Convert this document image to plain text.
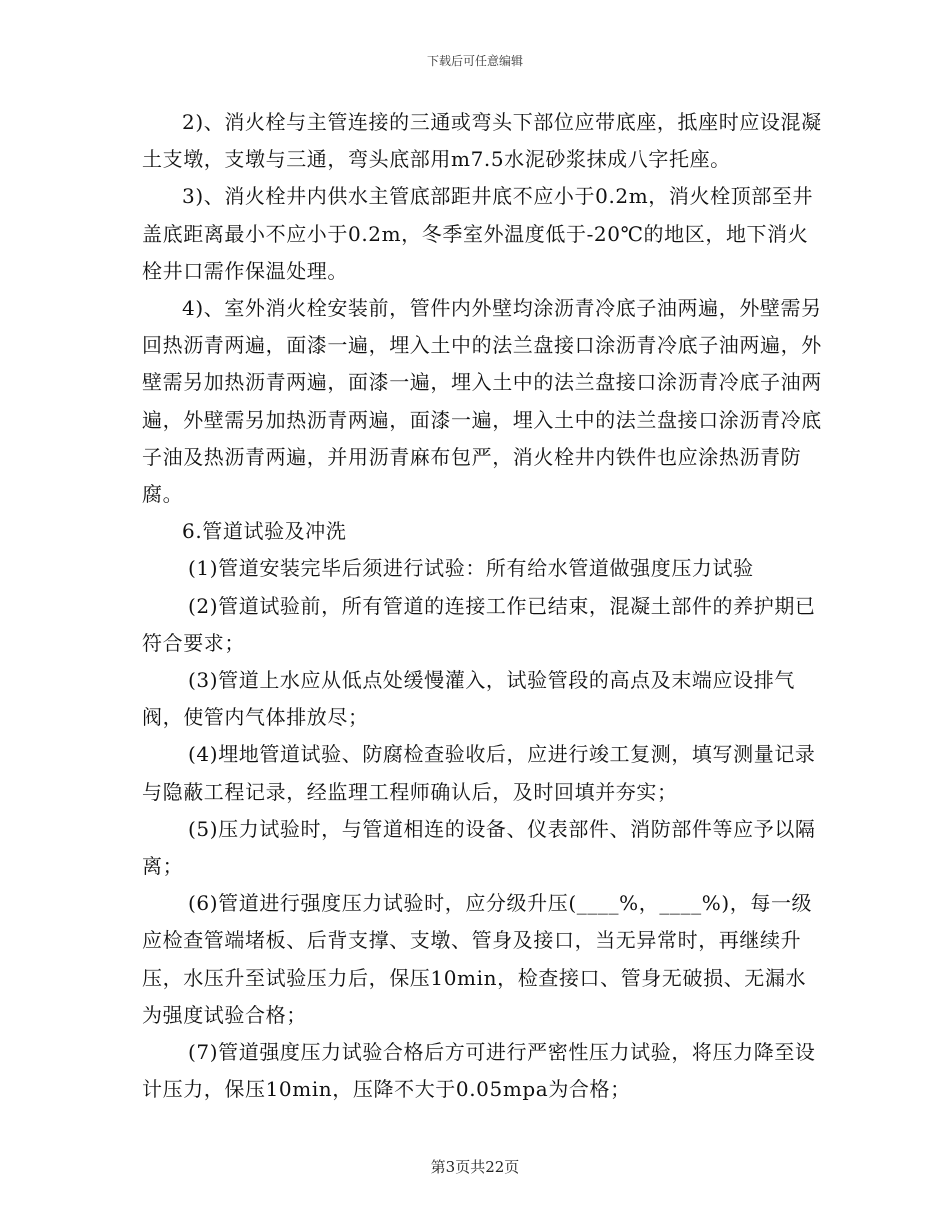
下载后可任意编辑

2)、消火栓与主管连接的三通或弯头下部位应带底座，抵座时应设混凝土支墩，支墩与三通，弯头底部用m7.5水泥砂浆抹成八字托座。

3)、消火栓井内供水主管底部距井底不应小于0.2m，消火栓顶部至井盖底距离最小不应小于0.2m，冬季室外温度低于-20℃的地区，地下消火栓井口需作保温处理。

4)、室外消火栓安装前，管件内外壁均涂沥青冷底子油两遍，外壁需另回热沥青两遍，面漆一遍，埋入土中的法兰盘接口涂沥青冷底子油两遍，外壁需另加热沥青两遍，面漆一遍，埋入土中的法兰盘接口涂沥青冷底子油两遍，外壁需另加热沥青两遍，面漆一遍，埋入土中的法兰盘接口涂沥青冷底子油及热沥青两遍，并用沥青麻布包严，消火栓井内铁件也应涂热沥青防腐。

6.管道试验及冲洗

(1)管道安装完毕后须进行试验：所有给水管道做强度压力试验

(2)管道试验前，所有管道的连接工作已结束，混凝土部件的养护期已符合要求；

(3)管道上水应从低点处缓慢灌入，试验管段的高点及末端应设排气阀，使管内气体排放尽；

(4)埋地管道试验、防腐检查验收后，应进行竣工复测，填写测量记录与隐蔽工程记录，经监理工程师确认后，及时回填并夯实；

(5)压力试验时，与管道相连的设备、仪表部件、消防部件等应予以隔离；

(6)管道进行强度压力试验时，应分级升压(____%，____%)，每一级应检查管端堵板、后背支撑、支墩、管身及接口，当无异常时，再继续升压，水压升至试验压力后，保压10min，检查接口、管身无破损、无漏水为强度试验合格；

(7)管道强度压力试验合格后方可进行严密性压力试验，将压力降至设计压力，保压10min，压降不大于0.05mpa为合格；

第3页共22页
